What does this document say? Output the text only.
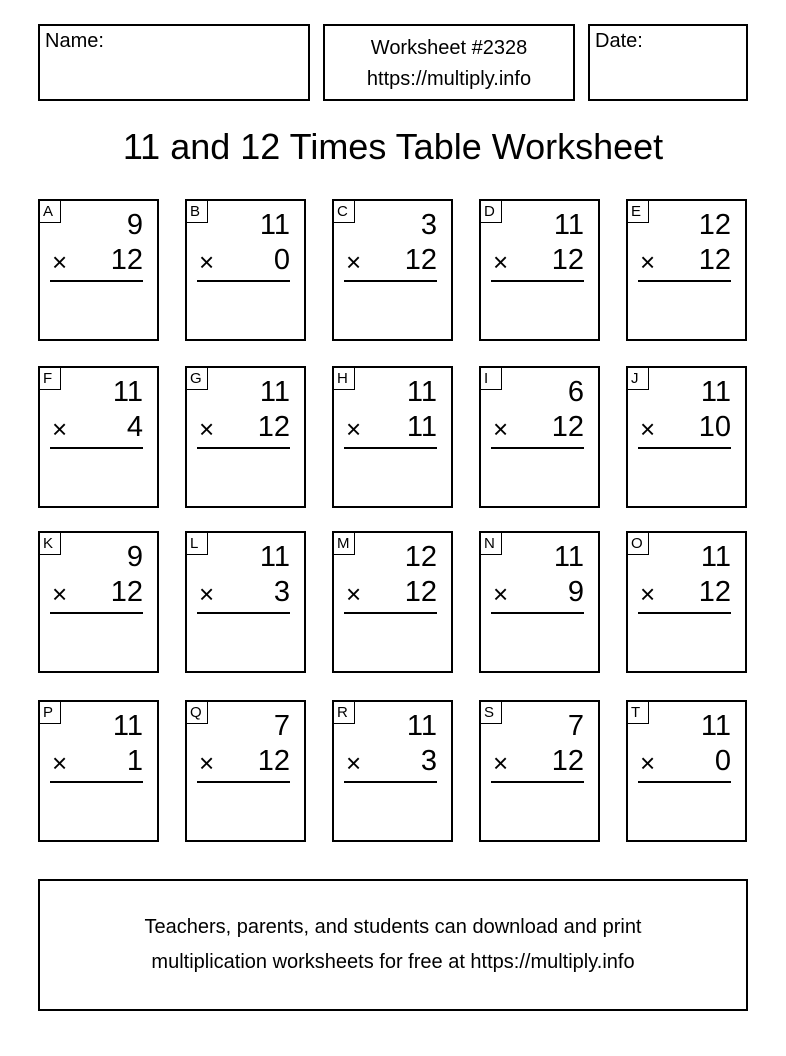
Name:	Worksheet #2328
https://multiply.info
Date:
11 and 12 Times Table Worksheet
A	9
× 12
B 11
× 0
C	3
× 12
D 11
× 12
E 12
× 12
F	11
× 4
G 11
× 12
H 11
× 11
I	6
× 12
J	11
× 10
K	9
× 12
L	11
× 3
M 12
× 12
N 11
× 9
O 11
× 12
P 11
× 1
Q 7
× 12
R 11
× 3
S	7
× 12
T	11
× 0
Teachers, parents, and students can download and print
multiplication worksheets for free at https://multiply.info
